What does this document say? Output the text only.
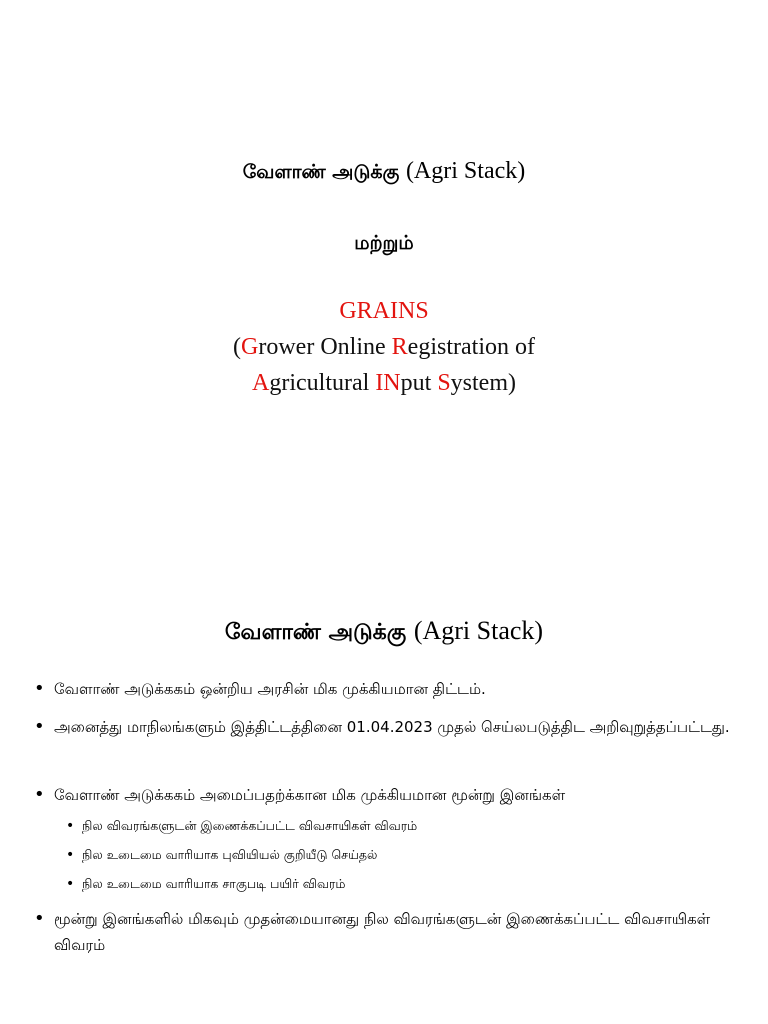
வேளாண் அடுக்கு (Agri Stack)
மற்றும்
GRAINS
(Grower Online Registration of
Agricultural INput System)
வேளாண் அடுக்கு (Agri Stack)
• வேளாண் அடுக்ககம் ஒன்றிய அரசின் மிக முக்கியமான திட்டம்.
• அனைத்து மாநிலங்களும் இத்திட்டத்தினை 01.04.2023 முதல் செய்லபடுத்திட அறிவுறுத்தப்பட்டது.
• வேளாண் அடுக்ககம் அமைப்பதற்க்கான மிக முக்கியமான மூன்று இனங்கள்
• நில விவரங்களுடன் இணைக்கப்பட்ட விவசாயிகள் விவரம்
• நில உடைமை வாரியாக புவியியல் குறியீடு செய்தல்
• நில உடைமை வாரியாக சாகுபடி பயிர் விவரம்
• மூன்று இனங்களில் மிகவும் முதன்மையானது நில விவரங்களுடன் இணைக்கப்பட்ட விவசாயிகள் விவரம்
